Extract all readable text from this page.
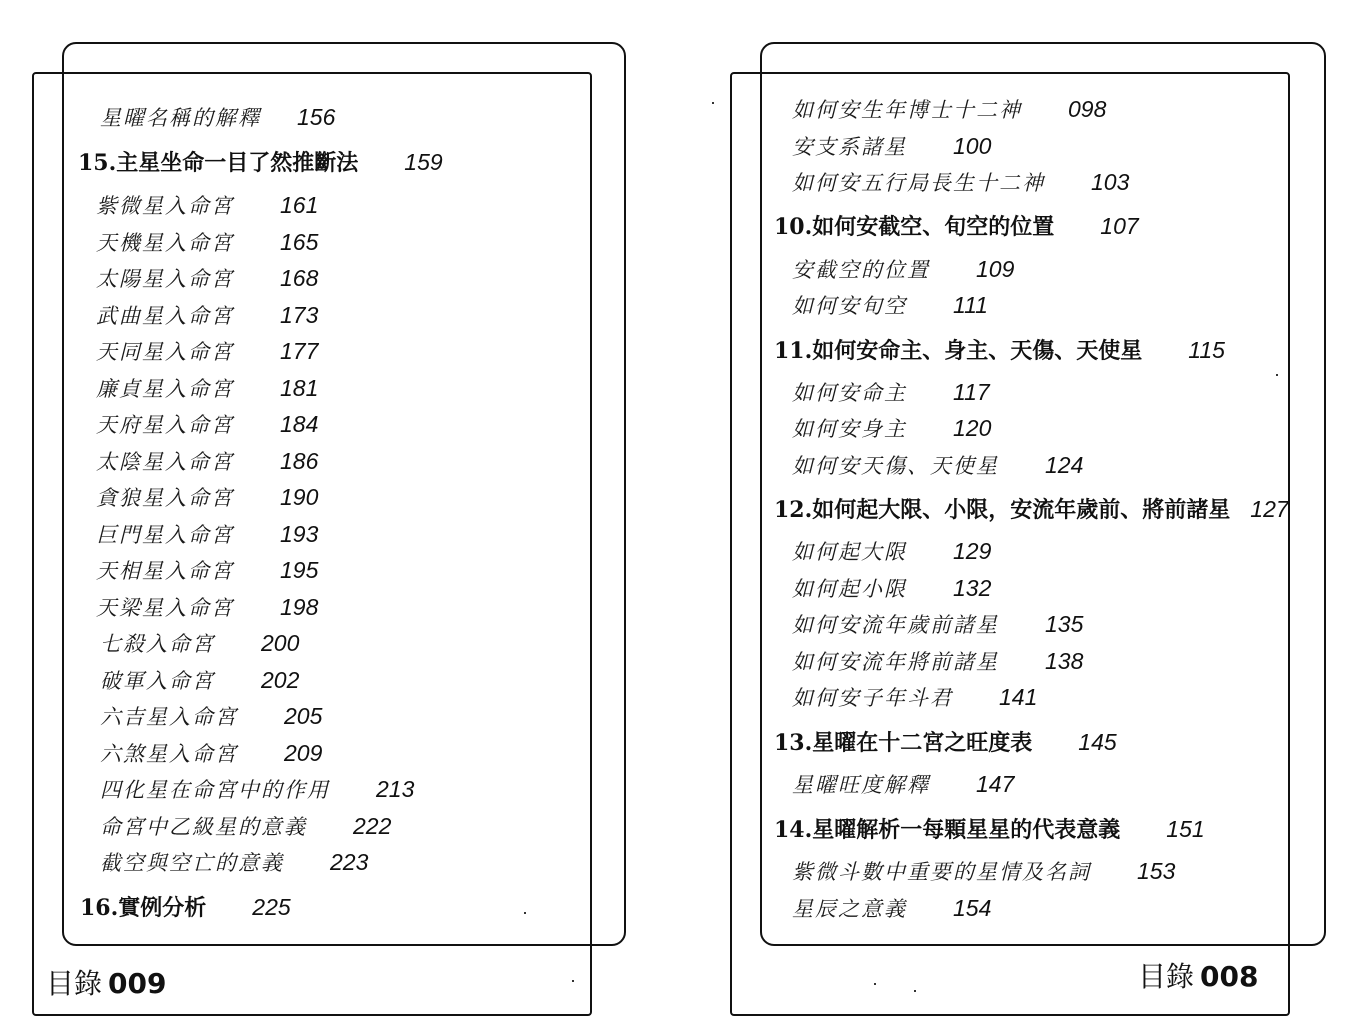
星曜名稱的解釋 156
15.主星坐命一目了然推斷法 159
紫微星入命宮 161
天機星入命宮 165
太陽星入命宮 168
武曲星入命宮 173
天同星入命宮 177
廉貞星入命宮 181
天府星入命宮 184
太陰星入命宮 186
貪狼星入命宮 190
巨門星入命宮 193
天相星入命宮 195
天梁星入命宮 198
七殺入命宮 200
破軍入命宮 202
六吉星入命宮 205
六煞星入命宮 209
四化星在命宮中的作用 213
命宮中乙級星的意義 222
截空與空亡的意義 223
16.實例分析 225
如何安生年博士十二神 098
安支系諸星 100
如何安五行局長生十二神 103
10.如何安截空、旬空的位置 107
安截空的位置 109
如何安旬空 111
11.如何安命主、身主、天傷、天使星 115
如何安命主 117
如何安身主 120
如何安天傷、天使星 124
12.如何起大限、小限，安流年歲前、將前諸星 127
如何起大限 129
如何起小限 132
如何安流年歲前諸星 135
如何安流年將前諸星 138
如何安子年斗君 141
13.星曜在十二宮之旺度表 145
星曜旺度解釋 147
14.星曜解析一每顆星星的代表意義 151
紫微斗數中重要的星情及名詞 153
星辰之意義 154
目錄 009	目錄 008
